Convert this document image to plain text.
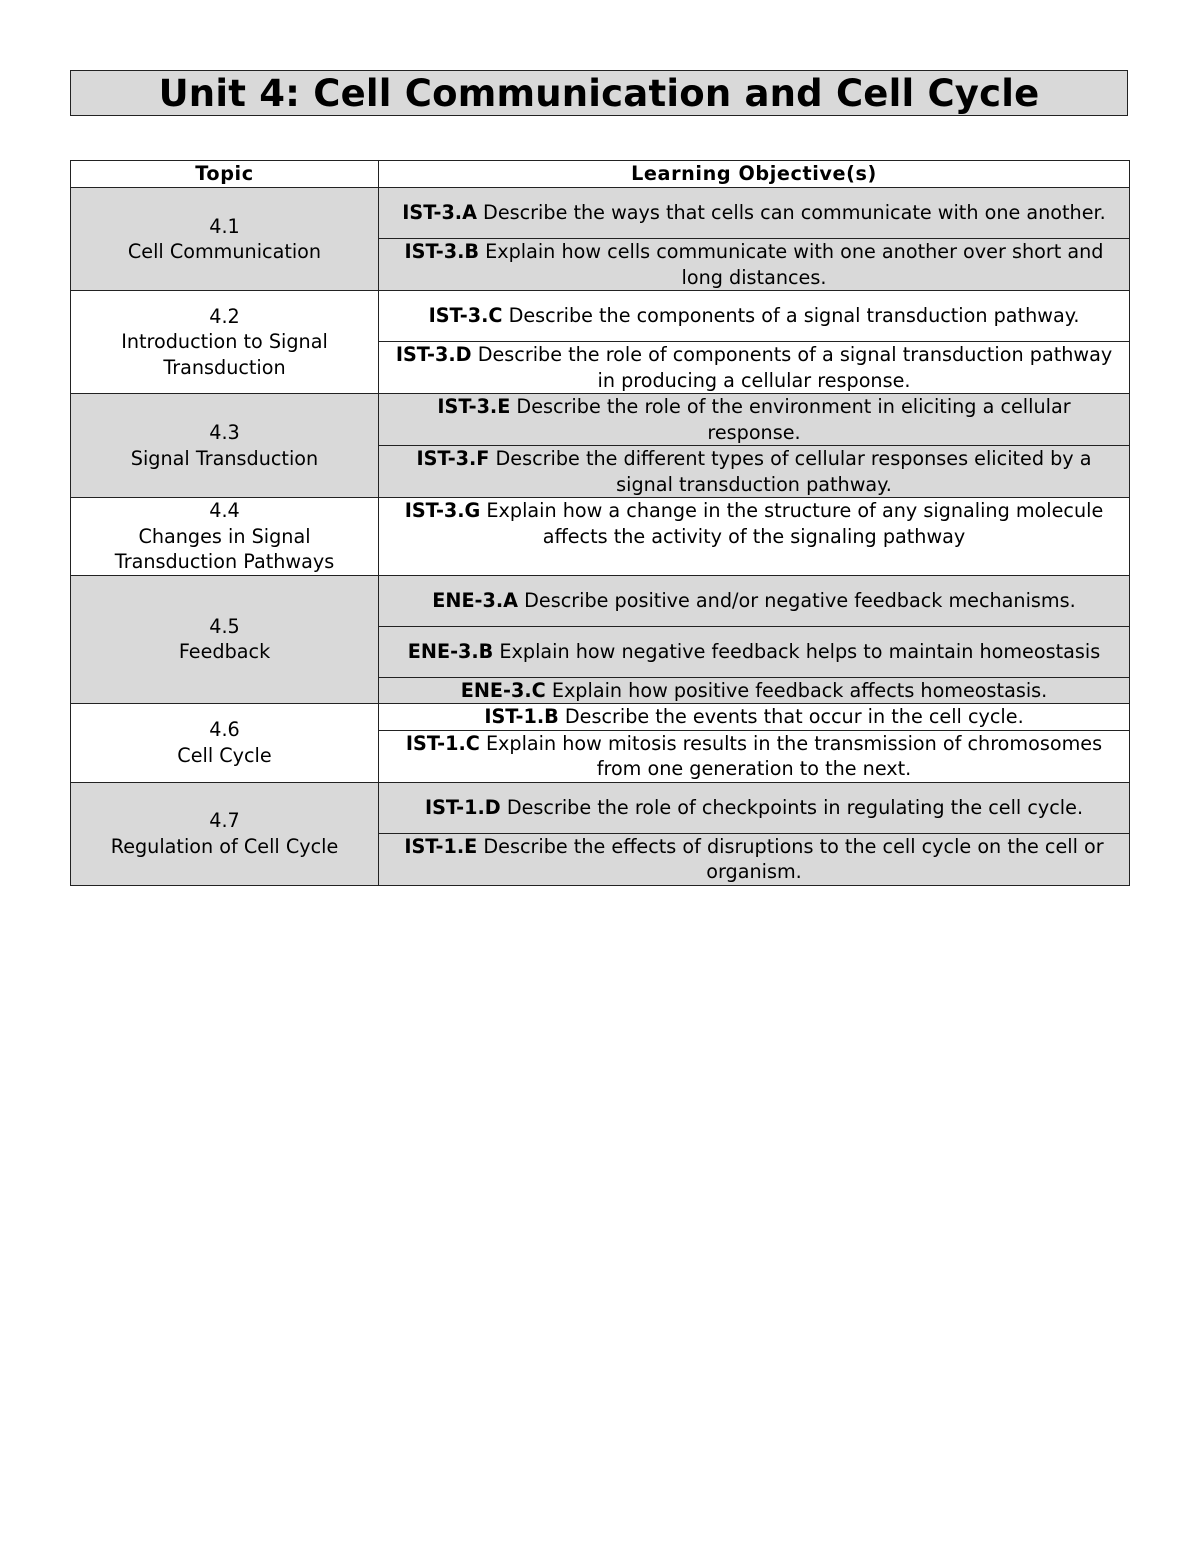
Unit 4: Cell Communication and Cell Cycle
Topic	Learning Objective(s)

4.1
Cell Communication	IST-3.A Describe the ways that cells can communicate with one another.
	IST-3.B Explain how cells communicate with one another over short and long distances.

4.2
Introduction to Signal Transduction	IST-3.C Describe the components of a signal transduction pathway.
	IST-3.D Describe the role of components of a signal transduction pathway in producing a cellular response.

4.3
Signal Transduction	IST-3.E Describe the role of the environment in eliciting a cellular response.
	IST-3.F Describe the different types of cellular responses elicited by a signal transduction pathway.

4.4
Changes in Signal Transduction Pathways	IST-3.G Explain how a change in the structure of any signaling molecule affects the activity of the signaling pathway

4.5
Feedback	ENE-3.A Describe positive and/or negative feedback mechanisms.
	ENE-3.B Explain how negative feedback helps to maintain homeostasis
	ENE-3.C Explain how positive feedback affects homeostasis.

4.6
Cell Cycle	IST-1.B Describe the events that occur in the cell cycle.
	IST-1.C Explain how mitosis results in the transmission of chromosomes from one generation to the next.

4.7
Regulation of Cell Cycle	IST-1.D Describe the role of checkpoints in regulating the cell cycle.
	IST-1.E Describe the effects of disruptions to the cell cycle on the cell or organism.
